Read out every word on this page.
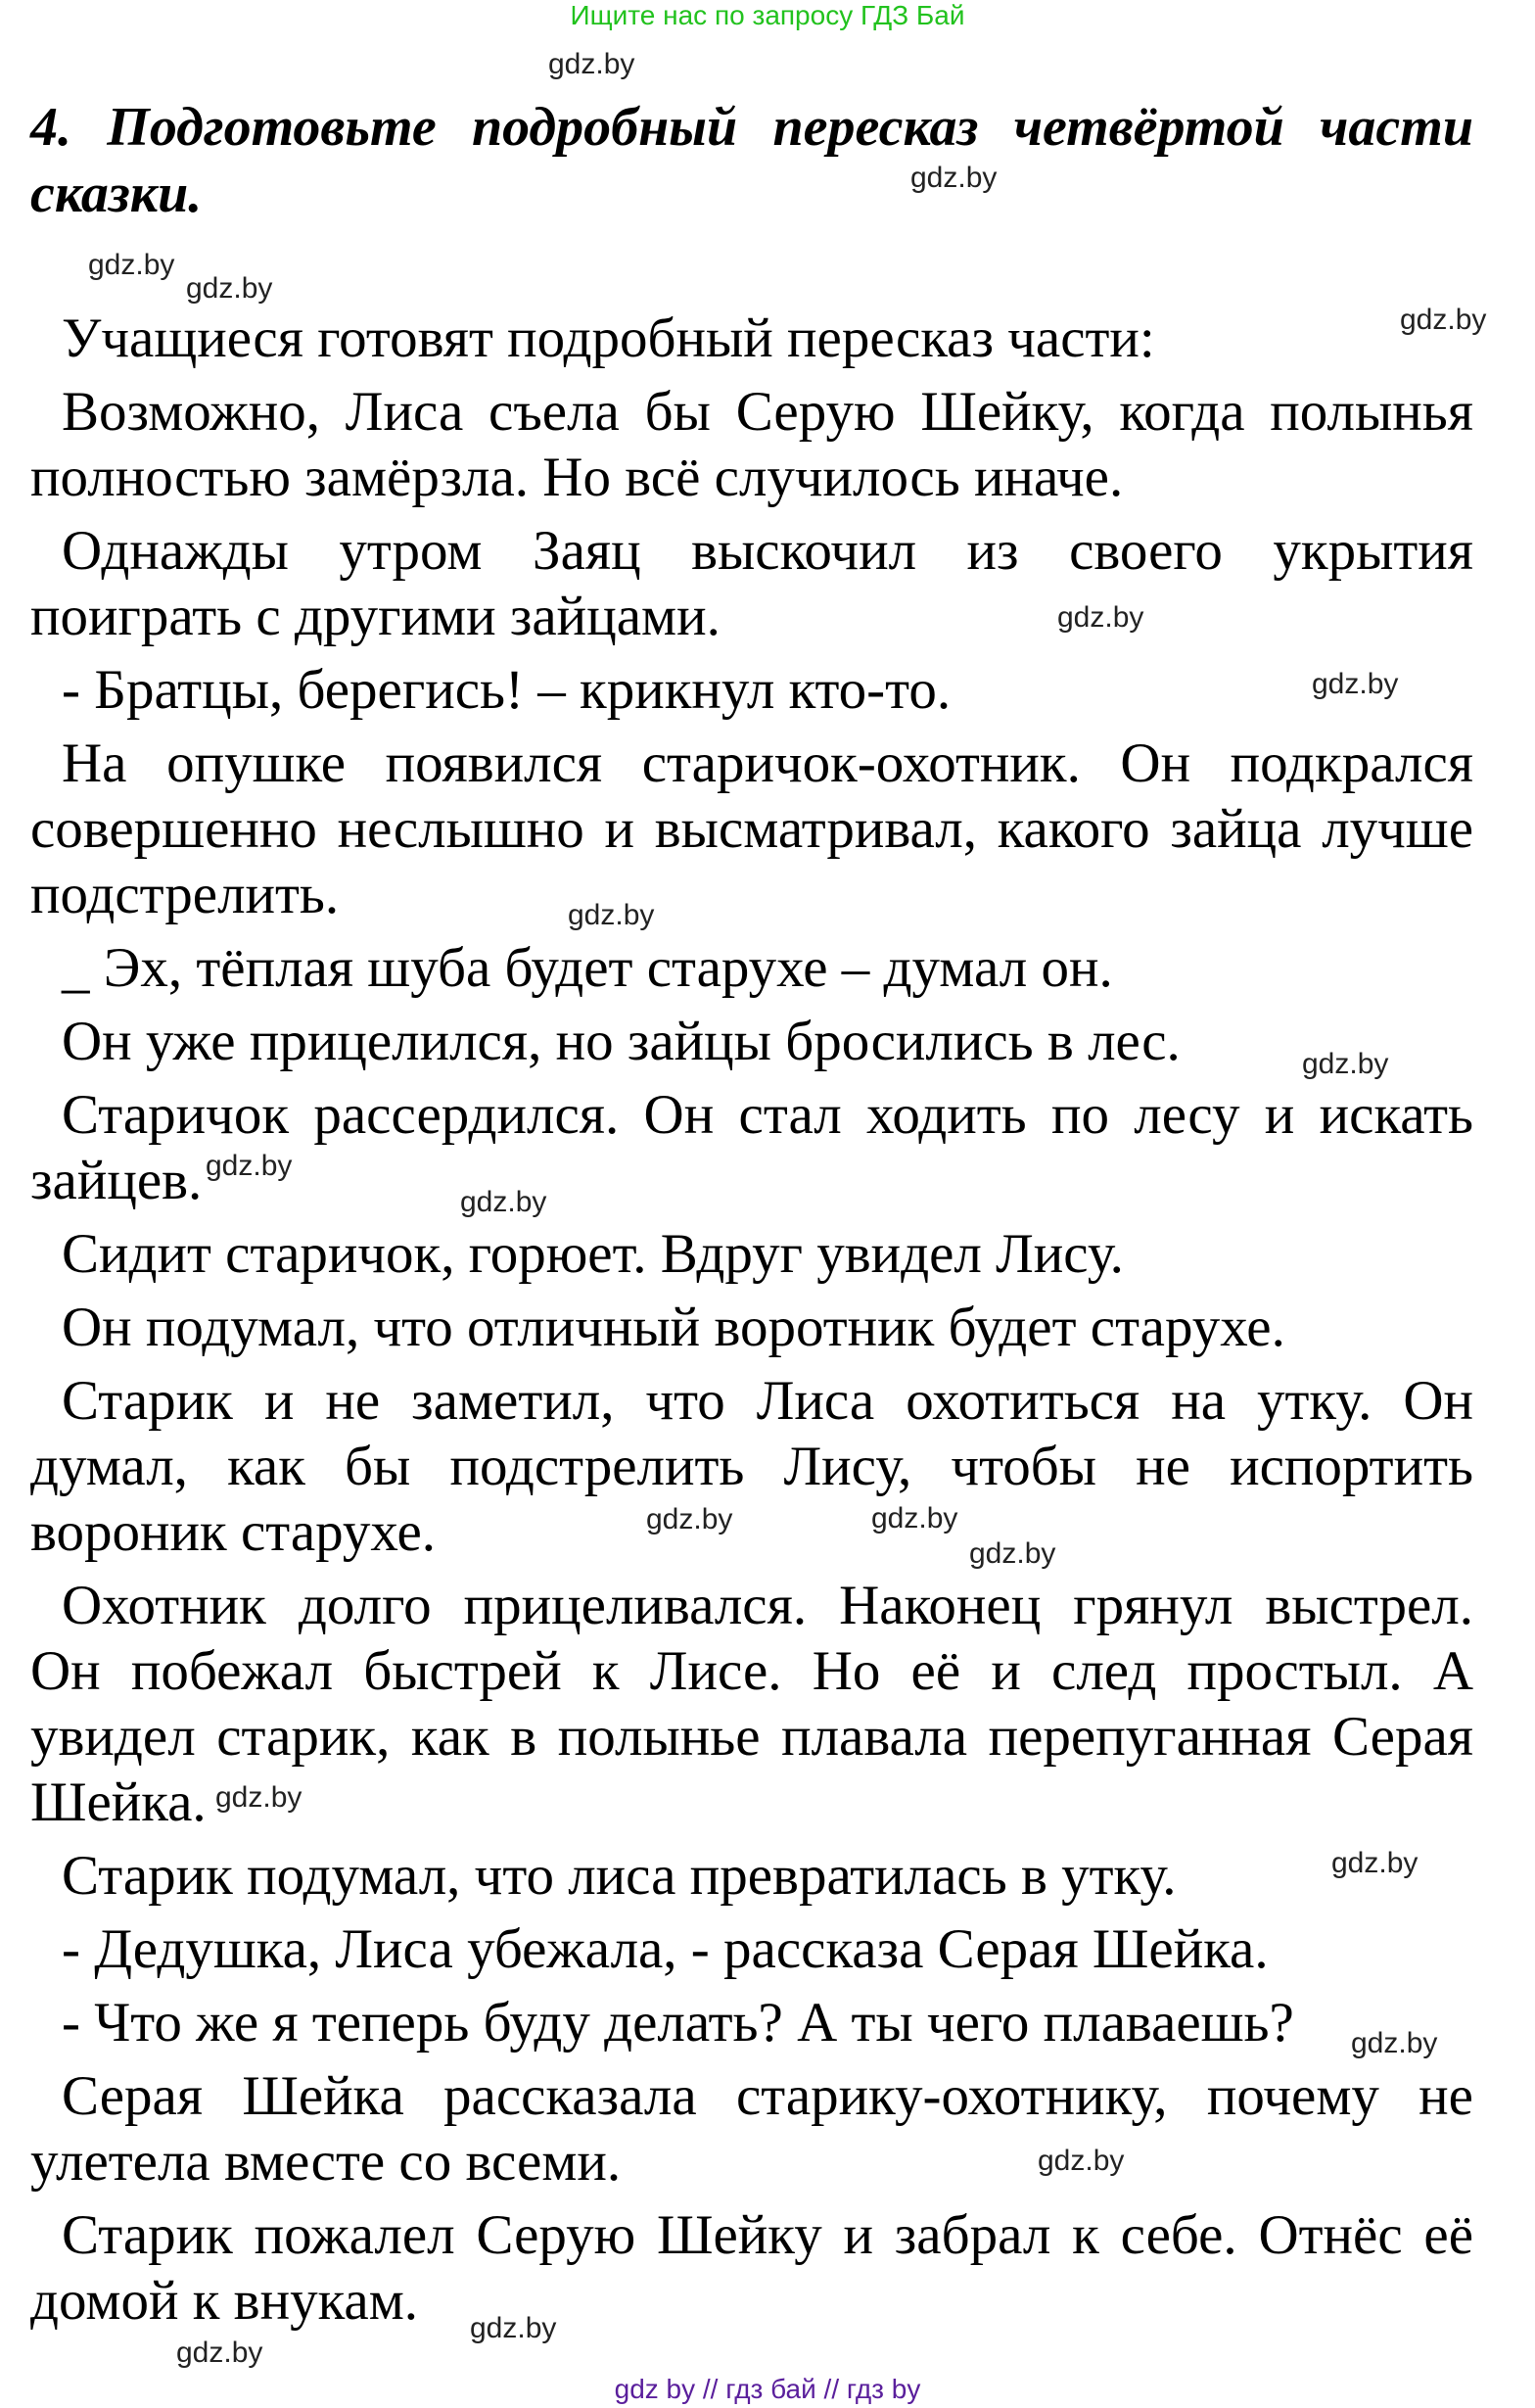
Ищите нас по запросу ГДЗ Бай
4. Подготовьте подробный пересказ четвёртой части
сказки.
Учащиеся готовят подробный пересказ части:
Возможно, Лиса съела бы Серую Шейку, когда полынья
полностью замёрзла. Но всё случилось иначе.
Однажды утром Заяц выскочил из своего укрытия
поиграть с другими зайцами.
- Братцы, берегись! – крикнул кто-то.
На опушке появился старичок-охотник. Он подкрался
совершенно неслышно и высматривал, какого зайца лучше
подстрелить.
_ Эх, тёплая шуба будет старухе – думал он.
Он уже прицелился, но зайцы бросились в лес.
Старичок рассердился. Он стал ходить по лесу и искать
зайцев.
Сидит старичок, горюет. Вдруг увидел Лису.
Он подумал, что отличный воротник будет старухе.
Старик и не заметил, что Лиса охотиться на утку. Он
думал, как бы подстрелить Лису, чтобы не испортить
вороник старухе.
Охотник долго прицеливался. Наконец грянул выстрел.
Он побежал быстрей к Лисе. Но её и след простыл. А
увидел старик, как в полынье плавала перепуганная Серая
Шейка.
Старик подумал, что лиса превратилась в утку.
- Дедушка, Лиса убежала, - рассказа Серая Шейка.
- Что же я теперь буду делать? А ты чего плаваешь?
Серая Шейка рассказала старику-охотнику, почему не
улетела вместе со всеми.
Старик пожалел Серую Шейку и забрал к себе. Отнёс её
домой к внукам.
gdz.by
gdz.by
gdz.by
gdz.by
gdz.by
gdz.by
gdz.by
gdz.by
gdz.by
gdz.by
gdz.by
gdz.by
gdz.by
gdz.by
gdz.by
gdz.by
gdz.by
gdz.by
gdz.by
gdz.by
gdz by // гдз бай // гдз by
